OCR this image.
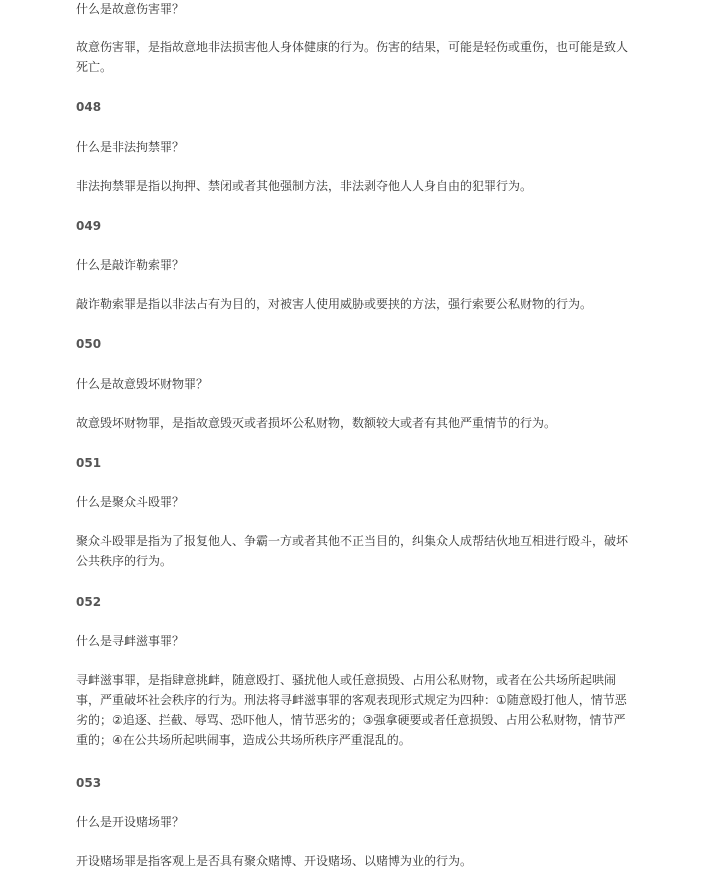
什么是故意伤害罪？
故意伤害罪，是指故意地非法损害他人身体健康的行为。伤害的结果，可能是轻伤或重伤，也可能是致人死亡。
048
什么是非法拘禁罪？
非法拘禁罪是指以拘押、禁闭或者其他强制方法，非法剥夺他人人身自由的犯罪行为。
049
什么是敲诈勒索罪？
敲诈勒索罪是指以非法占有为目的，对被害人使用威胁或要挟的方法，强行索要公私财物的行为。
050
什么是故意毁坏财物罪？
故意毁坏财物罪，是指故意毁灭或者损坏公私财物，数额较大或者有其他严重情节的行为。
051
什么是聚众斗殴罪？
聚众斗殴罪是指为了报复他人、争霸一方或者其他不正当目的，纠集众人成帮结伙地互相进行殴斗，破坏公共秩序的行为。
052
什么是寻衅滋事罪？
寻衅滋事罪，是指肆意挑衅，随意殴打、骚扰他人或任意损毁、占用公私财物，或者在公共场所起哄闹事，严重破坏社会秩序的行为。刑法将寻衅滋事罪的客观表现形式规定为四种：①随意殴打他人，情节恶劣的；②追逐、拦截、辱骂、恐吓他人，情节恶劣的；③强拿硬要或者任意损毁、占用公私财物，情节严重的；④在公共场所起哄闹事，造成公共场所秩序严重混乱的。
053
什么是开设赌场罪？
开设赌场罪是指客观上是否具有聚众赌博、开设赌场、以赌博为业的行为。
